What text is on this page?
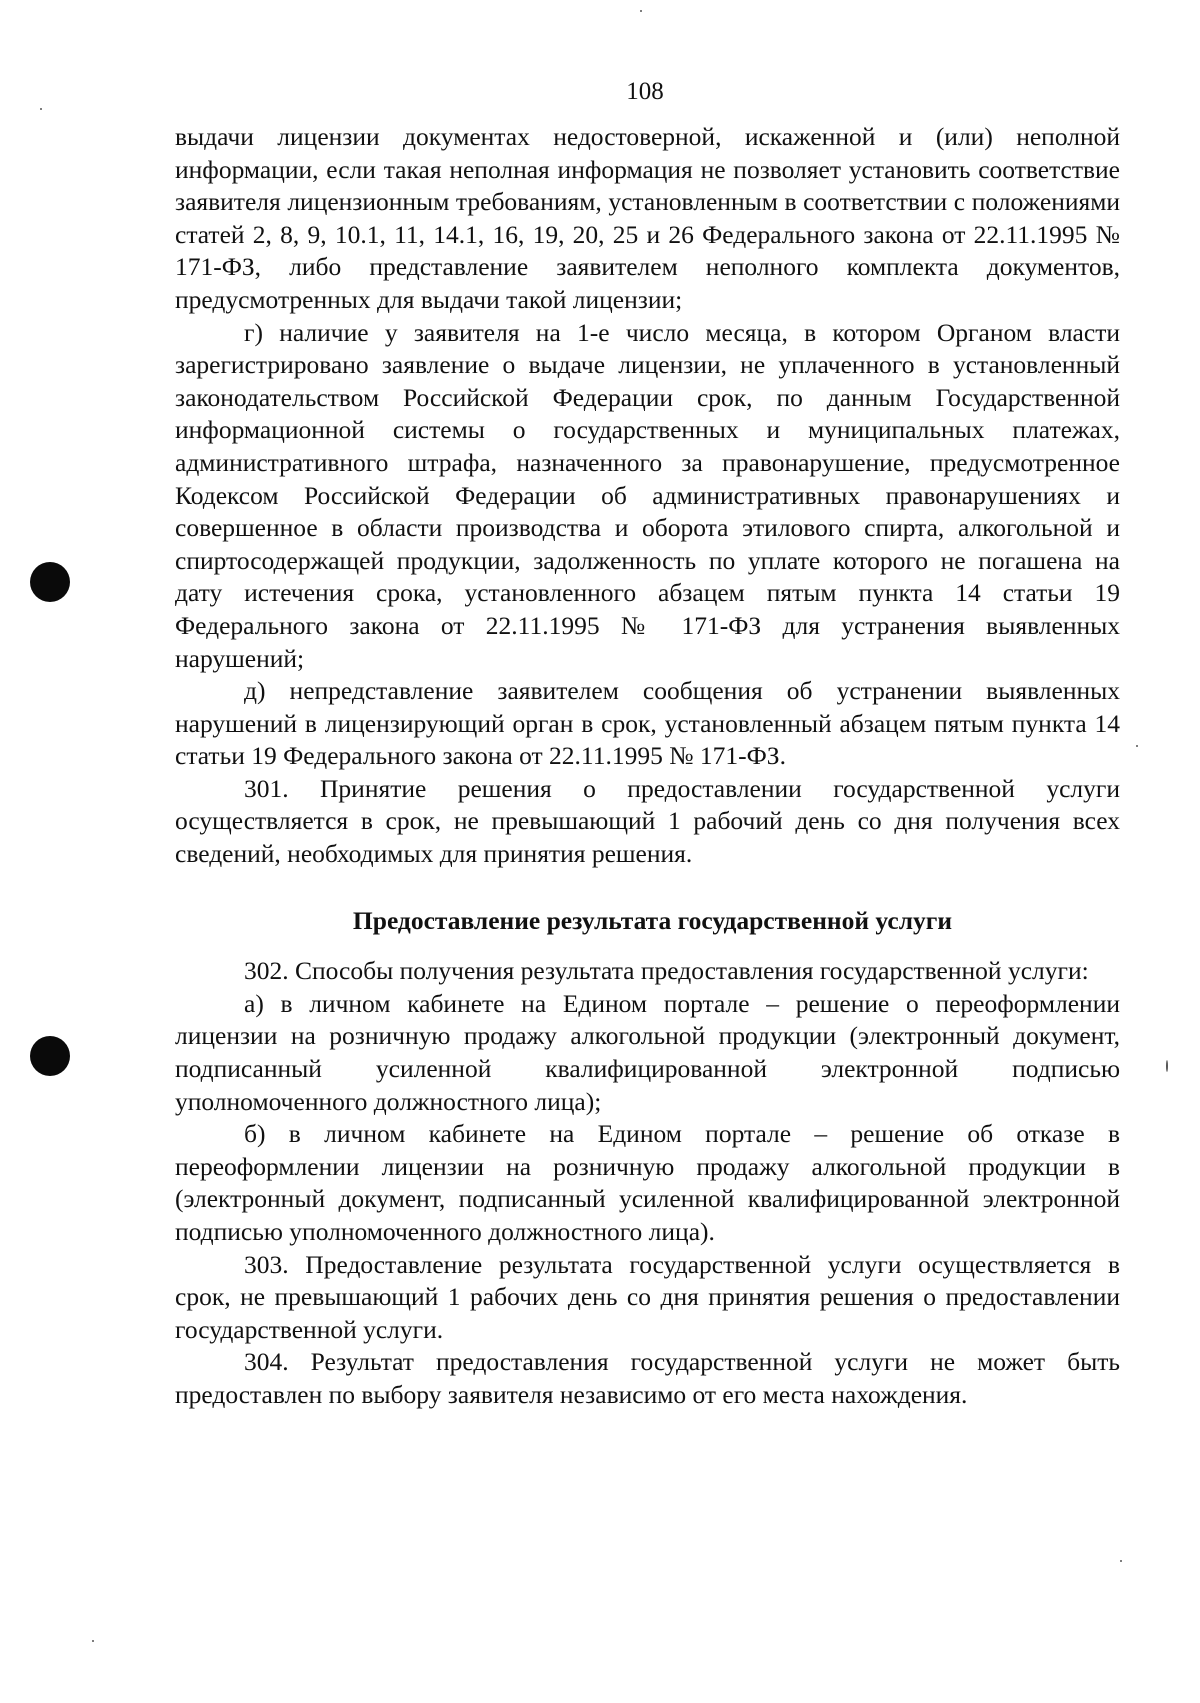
108

выдачи лицензии документах недостоверной, искаженной и (или) неполной информации, если такая неполная информация не позволяет установить соответствие заявителя лицензионным требованиям, установленным в соответствии с положениями статей 2, 8, 9, 10.1, 11, 14.1, 16, 19, 20, 25 и 26 Федерального закона от 22.11.1995 № 171-ФЗ, либо представление заявителем неполного комплекта документов, предусмотренных для выдачи такой лицензии;

г) наличие у заявителя на 1-е число месяца, в котором Органом власти зарегистрировано заявление о выдаче лицензии, не уплаченного в установленный законодательством Российской Федерации срок, по данным Государственной информационной системы о государственных и муниципальных платежах, административного штрафа, назначенного за правонарушение, предусмотренное Кодексом Российской Федерации об административных правонарушениях и совершенное в области производства и оборота этилового спирта, алкогольной и спиртосодержащей продукции, задолженность по уплате которого не погашена на дату истечения срока, установленного абзацем пятым пункта 14 статьи 19 Федерального закона от 22.11.1995 № 171-ФЗ для устранения выявленных нарушений;

д) непредставление заявителем сообщения об устранении выявленных нарушений в лицензирующий орган в срок, установленный абзацем пятым пункта 14 статьи 19 Федерального закона от 22.11.1995 № 171-ФЗ.

301. Принятие решения о предоставлении государственной услуги осуществляется в срок, не превышающий 1 рабочий день со дня получения всех сведений, необходимых для принятия решения.

Предоставление результата государственной услуги

302. Способы получения результата предоставления государственной услуги:

а) в личном кабинете на Едином портале – решение о переоформлении лицензии на розничную продажу алкогольной продукции (электронный документ, подписанный усиленной квалифицированной электронной подписью уполномоченного должностного лица);

б) в личном кабинете на Едином портале – решение об отказе в переоформлении лицензии на розничную продажу алкогольной продукции в (электронный документ, подписанный усиленной квалифицированной электронной подписью уполномоченного должностного лица).

303. Предоставление результата государственной услуги осуществляется в срок, не превышающий 1 рабочих день со дня принятия решения о предоставлении государственной услуги.

304. Результат предоставления государственной услуги не может быть предоставлен по выбору заявителя независимо от его места нахождения.
